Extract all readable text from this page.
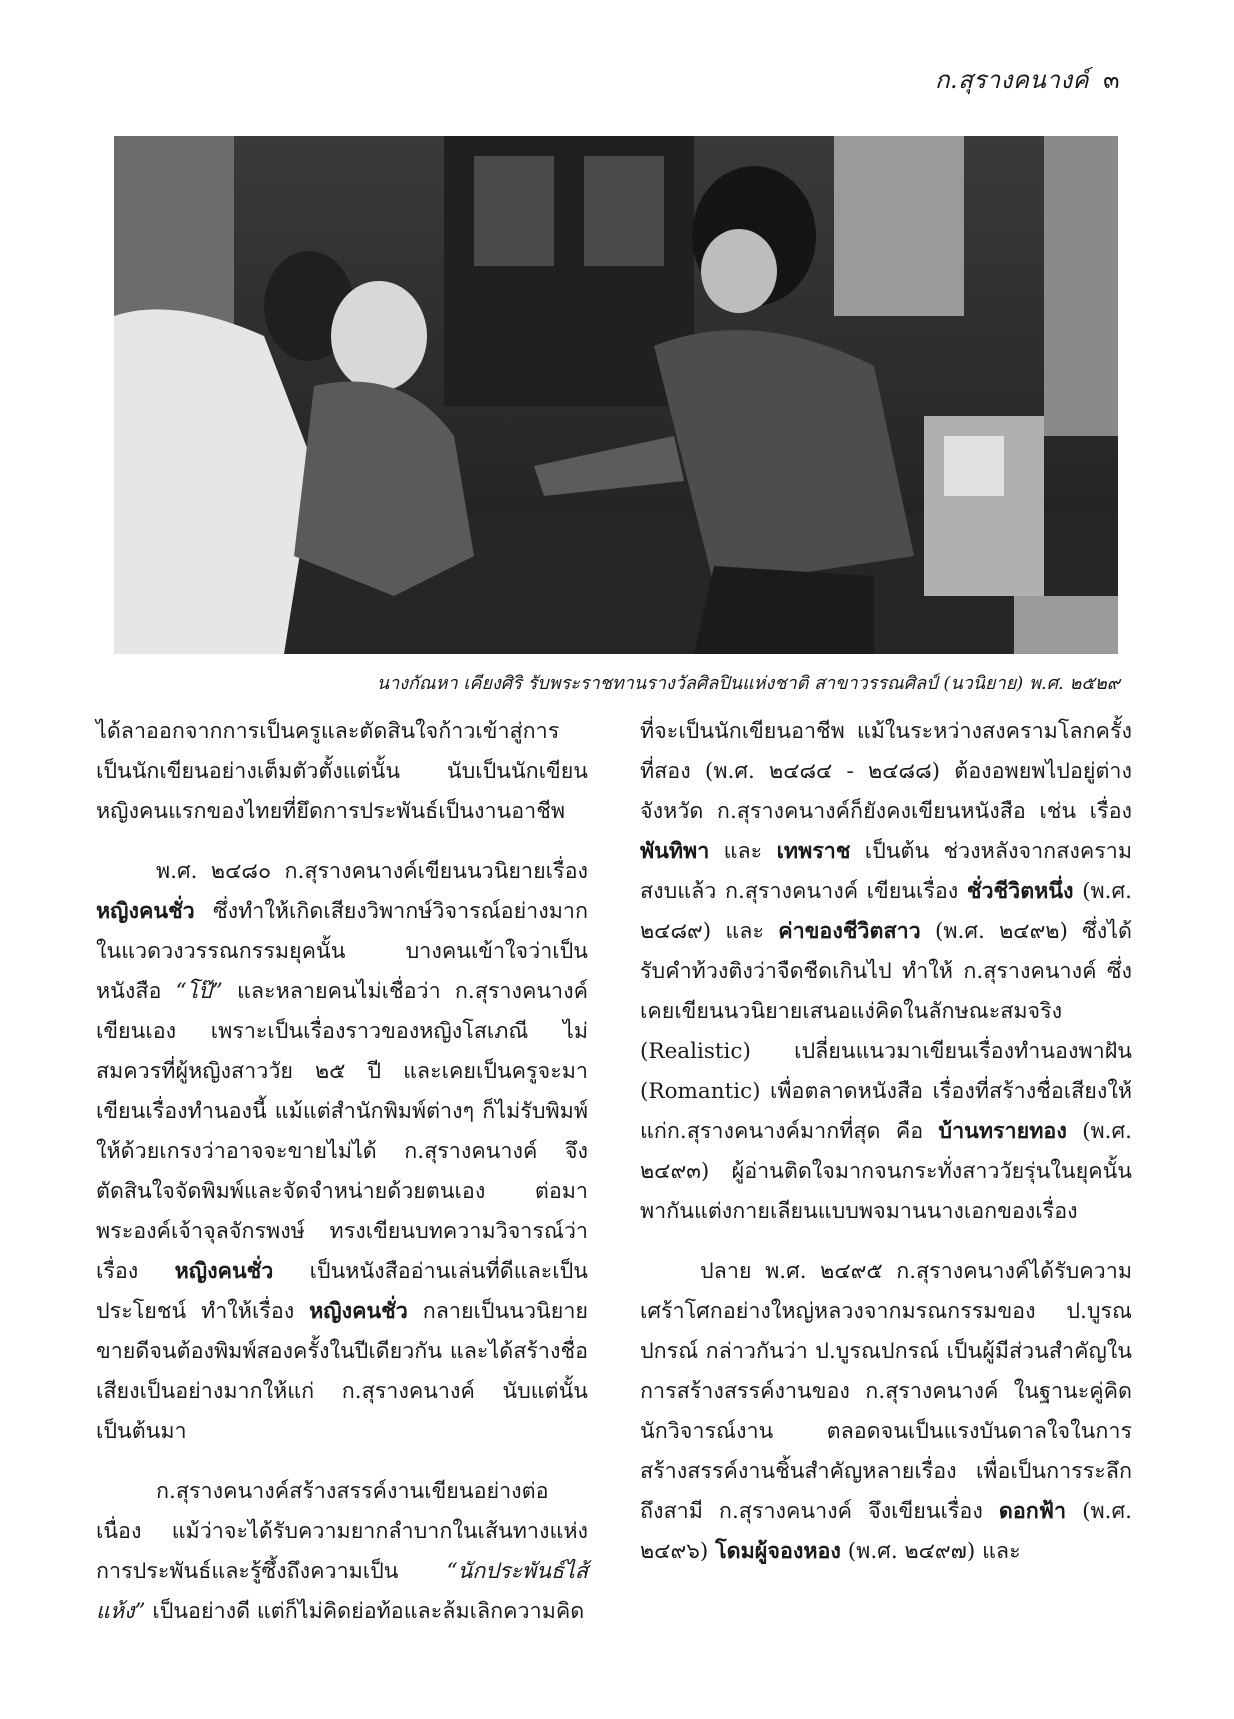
ก.สุรางคนางค์ ๓
นางกัณหา เคียงศิริ รับพระราชทานรางวัลศิลปินแห่งชาติ สาขาวรรณศิลป์ (นวนิยาย) พ.ศ. ๒๕๒๙

ได้ลาออกจากการเป็นครูและตัดสินใจก้าวเข้าสู่การเป็นนักเขียนอย่างเต็มตัวตั้งแต่นั้น นับเป็นนักเขียนหญิงคนแรกของไทยที่ยึดการประพันธ์เป็นงานอาชีพ

พ.ศ. ๒๔๘๐ ก.สุรางคนางค์เขียนนวนิยายเรื่อง หญิงคนชั่ว ซึ่งทำให้เกิดเสียงวิพากษ์วิจารณ์อย่างมากในแวดวงวรรณกรรมยุคนั้น บางคนเข้าใจว่าเป็นหนังสือ “โป๊” และหลายคนไม่เชื่อว่า ก.สุรางคนางค์เขียนเอง เพราะเป็นเรื่องราวของหญิงโสเภณี ไม่สมควรที่ผู้หญิงสาววัย ๒๕ ปี และเคยเป็นครูจะมาเขียนเรื่องทำนองนี้ แม้แต่สำนักพิมพ์ต่างๆ ก็ไม่รับพิมพ์ให้ด้วยเกรงว่าอาจจะขายไม่ได้ ก.สุรางคนางค์ จึงตัดสินใจจัดพิมพ์และจัดจำหน่ายด้วยตนเอง ต่อมาพระองค์เจ้าจุลจักรพงษ์ ทรงเขียนบทความวิจารณ์ว่าเรื่อง หญิงคนชั่ว เป็นหนังสืออ่านเล่นที่ดีและเป็นประโยชน์ ทำให้เรื่อง หญิงคนชั่ว กลายเป็นนวนิยายขายดีจนต้องพิมพ์สองครั้งในปีเดียวกัน และได้สร้างชื่อเสียงเป็นอย่างมากให้แก่ ก.สุรางคนางค์ นับแต่นั้นเป็นต้นมา

ก.สุรางคนางค์สร้างสรรค์งานเขียนอย่างต่อเนื่อง แม้ว่าจะได้รับความยากลำบากในเส้นทางแห่งการประพันธ์และรู้ซึ้งถึงความเป็น “นักประพันธ์ไส้แห้ง” เป็นอย่างดี แต่ก็ไม่คิดย่อท้อและล้มเลิกความคิด

ที่จะเป็นนักเขียนอาชีพ แม้ในระหว่างสงครามโลกครั้งที่สอง (พ.ศ. ๒๔๘๔ - ๒๔๘๘) ต้องอพยพไปอยู่ต่างจังหวัด ก.สุรางคนางค์ก็ยังคงเขียนหนังสือ เช่น เรื่อง พันทิพา และ เทพราช เป็นต้น ช่วงหลังจากสงครามสงบแล้ว ก.สุรางคนางค์ เขียนเรื่อง ชั่วชีวิตหนึ่ง (พ.ศ. ๒๔๘๙) และ ค่าของชีวิตสาว (พ.ศ. ๒๔๙๒) ซึ่งได้รับคำท้วงติงว่าจืดชืดเกินไป ทำให้ ก.สุรางคนางค์ ซึ่งเคยเขียนนวนิยายเสนอแง่คิดในลักษณะสมจริง (Realistic) เปลี่ยนแนวมาเขียนเรื่องทำนองพาฝัน (Romantic) เพื่อตลาดหนังสือ เรื่องที่สร้างชื่อเสียงให้แก่ก.สุรางคนางค์มากที่สุด คือ บ้านทรายทอง (พ.ศ. ๒๔๙๓) ผู้อ่านติดใจมากจนกระทั่งสาววัยรุ่นในยุคนั้นพากันแต่งกายเลียนแบบพจมานนางเอกของเรื่อง

ปลาย พ.ศ. ๒๔๙๕ ก.สุรางคนางค์ได้รับความเศร้าโศกอย่างใหญ่หลวงจากมรณกรรมของ ป.บูรณปกรณ์ กล่าวกันว่า ป.บูรณปกรณ์ เป็นผู้มีส่วนสำคัญในการสร้างสรรค์งานของ ก.สุรางคนางค์ ในฐานะคู่คิดนักวิจารณ์งาน ตลอดจนเป็นแรงบันดาลใจในการสร้างสรรค์งานชิ้นสำคัญหลายเรื่อง เพื่อเป็นการระลึกถึงสามี ก.สุรางคนางค์ จึงเขียนเรื่อง ดอกฟ้า (พ.ศ. ๒๔๙๖) โดมผู้จองหอง (พ.ศ. ๒๔๙๗) และ
